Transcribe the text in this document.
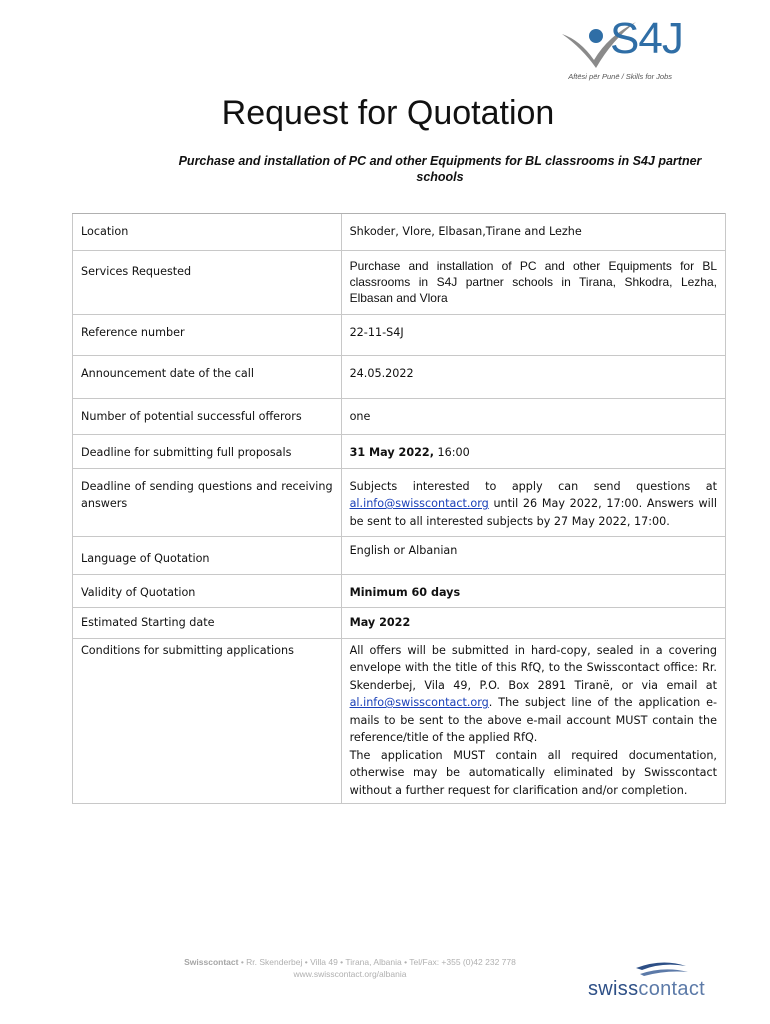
S4J
Aftësi për Punë / Skills for Jobs
Request for Quotation
Purchase and installation of PC and other Equipments for BL classrooms in S4J partner schools
Location	Shkoder, Vlore, Elbasan,Tirane and Lezhe
Services Requested	Purchase and installation of PC and other Equipments for BL classrooms in S4J partner schools in Tirana, Shkodra, Lezha, Elbasan and Vlora
Reference number	22-11-S4J
Announcement date of the call	24.05.2022
Number of potential successful offerors	one
Deadline for submitting full proposals	31 May 2022, 16:00
Deadline of sending questions and receiving answers	Subjects interested to apply can send questions at al.info@swisscontact.org until 26 May 2022, 17:00. Answers will be sent to all interested subjects by 27 May 2022, 17:00.
Language of Quotation	English or Albanian
Validity of Quotation	Minimum 60 days
Estimated Starting date	May 2022
Conditions for submitting applications	All offers will be submitted in hard-copy, sealed in a covering envelope with the title of this RfQ, to the Swisscontact office: Rr. Skenderbej, Vila 49, P.O. Box 2891 Tiranë, or via email at al.info@swisscontact.org. The subject line of the application e-mails to be sent to the above e-mail account MUST contain the reference/title of the applied RfQ.
The application MUST contain all required documentation, otherwise may be automatically eliminated by Swisscontact without a further request for clarification and/or completion.
Swisscontact • Rr. Skenderbej • Villa 49 • Tirana, Albania • Tel/Fax: +355 (0)42 232 778
www.swisscontact.org/albania
swisscontact
